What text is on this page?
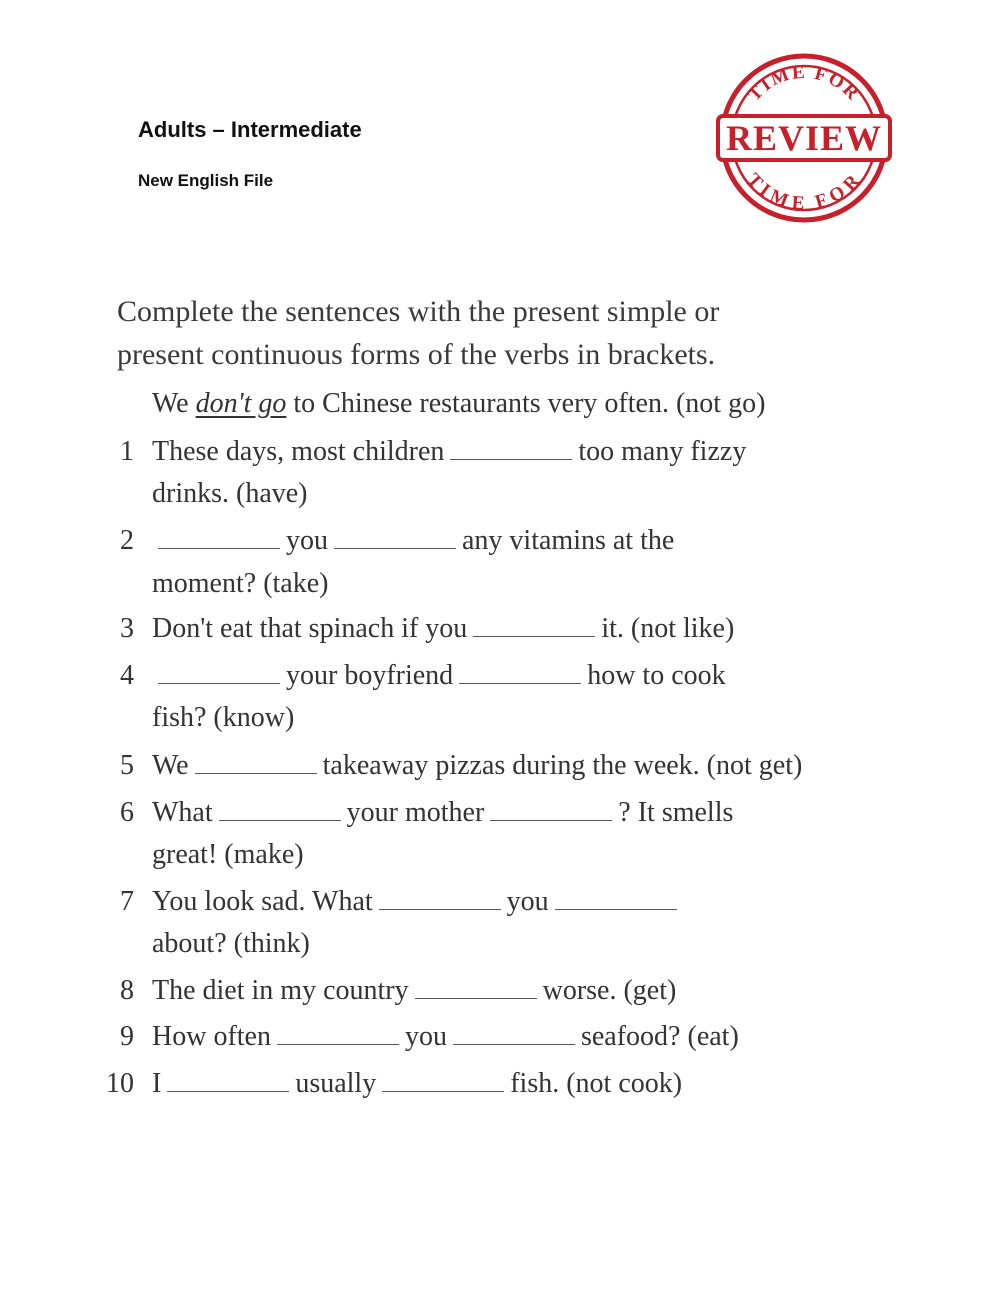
Adults – Intermediate
New English File
TIME FOR
TIME FOR
REVIEW
Complete the sentences with the present simple or
present continuous forms of the verbs in brackets.
We don't go to Chinese restaurants very often. (not go)
1 These days, most children	too many fizzy
drinks. (have)
2	you	any vitamins at the
moment? (take)
3 Don't eat that spinach if you	it. (not like)
4	your boyfriend	how to cook
fish? (know)
5 We	takeaway pizzas during the week. (not get)
6 What	your mother	? It smells
great! (make)
7 You look sad. What	you
about? (think)
8 The diet in my country	worse. (get)
9 How often	you	seafood? (eat)
10 I	usually	fish. (not cook)
